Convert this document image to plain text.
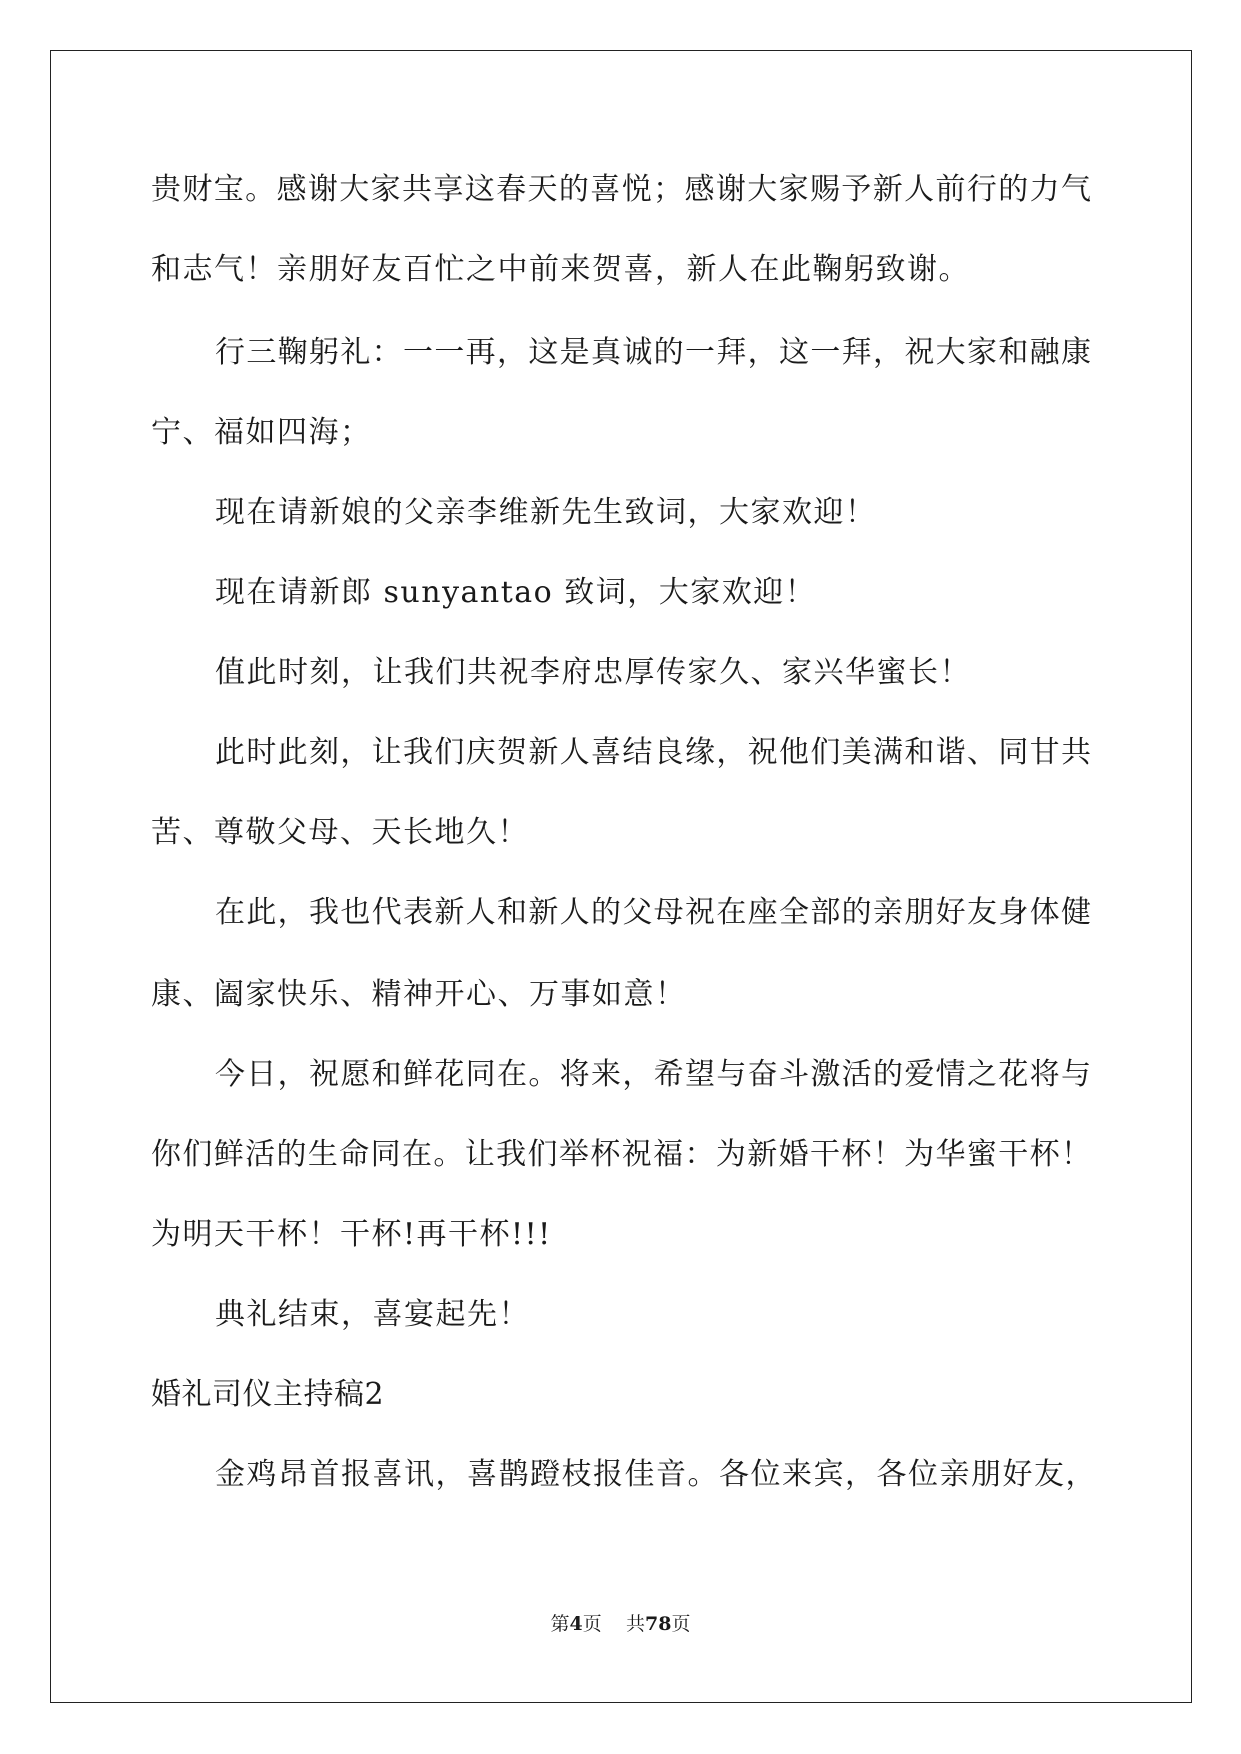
贵财宝。感谢大家共享这春天的喜悦；感谢大家赐予新人前行的力气
和志气！亲朋好友百忙之中前来贺喜，新人在此鞠躬致谢。
行三鞠躬礼：一一再，这是真诚的一拜，这一拜，祝大家和融康
宁、福如四海；
现在请新娘的父亲李维新先生致词，大家欢迎！
现在请新郎 sunyantao 致词，大家欢迎！
值此时刻，让我们共祝李府忠厚传家久、家兴华蜜长！
此时此刻，让我们庆贺新人喜结良缘，祝他们美满和谐、同甘共
苦、尊敬父母、天长地久！
在此，我也代表新人和新人的父母祝在座全部的亲朋好友身体健
康、阖家快乐、精神开心、万事如意！
今日，祝愿和鲜花同在。将来，希望与奋斗激活的爱情之花将与
你们鲜活的生命同在。让我们举杯祝福：为新婚干杯！为华蜜干杯！
为明天干杯！干杯!再干杯!!!
典礼结束，喜宴起先！
婚礼司仪主持稿2
金鸡昂首报喜讯，喜鹊蹬枝报佳音。各位来宾，各位亲朋好友，
第4页 共78页
